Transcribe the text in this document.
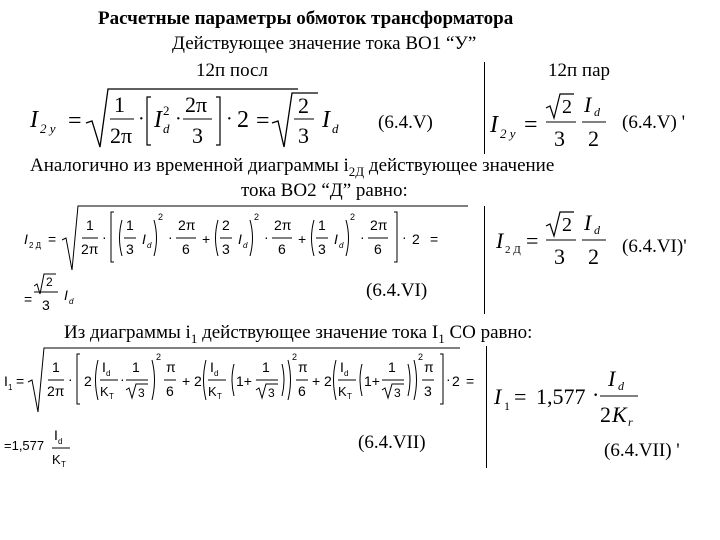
Расчетные параметры обмоток трансформатора
Действующее значение тока ВО1 “У”
12п посл	12п пар
I 2 y =
1
2π
· I 2
d ·
2π
3
· 2 =
2
3
I d (6.4.V) I 2 y =
2
3
I d
2
(6.4.V) '
Аналогично из временной диаграммы $i_{2Д}$ действующее значение
тока ВО2 “Д” равно:
I 2 Д =
1
2π
·
1
3
I d
2
·
2π
6
+
2
3
I d
2
·
2π
6
+
1
3
I d
2
·
2π
6
· 2 =
=
2
3
I d
I 2 Д =
2
3
I d
2 (6.4.VI)'
(6.4.VI)
Из диаграммы $i_1$ действующее значение тока $I_1$ СО равно:
I 1 =
1
2π
· 2
I d
K T
·
1
3
2
π
6
+ 2
I d
K T
1+
1
3
2
π
6
+ 2
I d
K T
1+
1
3
2
π
3
· 2 =
=1,577
I d
K T
I 1 = 1,577 ·
I d
2 K r
(6.4.VII)	(6.4.VII) '
